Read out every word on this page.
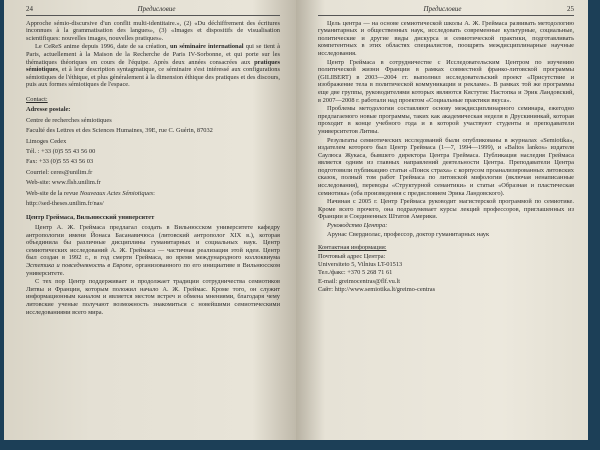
24	Предисловие

Approche sémio-discursive d'un conflit multi-identitaire.», (2) «Du déchiffrement des écritures inconnues à la grammatisation des langues», (3) «Images et dispositifs de visualisation scientifiques: nouvelles images, nouvelles pratiques».

Le CeReS anime depuis 1996, date de sa création, un séminaire international qui se tient à Paris, actuellement à la Maison de la Recherche de Paris IV-Sorbonne, et qui porte sur les thématiques théoriques en cours de l'équipe. Après deux années consacrées aux pratiques sémiotiques, et à leur description syntagmatique, ce séminaire s'est intéressé aux configurations sémiotiques de l'éthique, et plus généralement à la dimension éthique des pratiques et des discours, puis aux formes sémiotiques de l'espace.

Contact:

Adresse postale:

Centre de recherches sémiotiques

Faculté des Lettres et des Sciences Humaines, 39E, rue C. Guérin, 87032

Limoges Cedex

Tél. : +33 (0)5 55 43 56 00

Fax: +33 (0)5 55 43 56 03

Courriel: ceres@unilim.fr

Web-site: www.flsh.unilim.fr

Web-site de la revue Nouveaux Actes Sémiotiques:

http://sed-theses.unilim.fr/nas/

Центр Греймаса, Вильнюсский университет

Центр А. Ж. Греймаса предлагал создать в Вильнюсском университете кафедру антропологии имени Йонаса Басанавичюса (литовский антрополог XIX в.), которая объединила бы различные дисциплины гуманитарных и социальных наук. Центр семиотических исследований А. Ж. Греймаса — частичная реализация этой идеи. Центр был создан в 1992 г., в год смерти Греймаса, во время международного коллоквиума Эстетика и повседневность в Европе, организованного по его инициативе в Вильнюсском университете.

С тех пор Центр поддерживает и продолжает традиции сотрудничества семиотиков Литвы и Франции, которым положил начало А. Ж. Греймас. Кроме того, он служит информационным каналом и является местом встреч и обмена мнениями, благодаря чему литовские ученые получают возможность знакомиться с новейшими семиотическими исследованиями всего мира.

Предисловие	25

Цель центра — на основе семиотической школы А. Ж. Греймаса развивать методологию гуманитарных и общественных наук, исследовать современные культурные, социальные, политические и другие виды дискурса и семиотической практики, подготавливать компетентных в этих областях специалистов, поощрять междисциплинарные научные исследования.

Центр Греймаса в сотрудничестве с Исследовательским Центром по изучению политической жизни Франции в рамках совместной франко-литовской программы (GILIBERT) в 2003—2004 гг. выполнил исследовательский проект «Присутствие и изображение тела в политической коммуникации и рекламе». В рамках той же программы еще две группы, руководителями которых являются Кястутис Настопка и Эрик Ландовский, в 2007—2008 г. работали над проектом «Социальные практики вкуса».

Проблемы методологии составляют основу междисциплинарного семинара, ежегодно предлагаемого новые программы, таких как академическая неделя в Друскининкай, которая проходит в конце учебного года и в которой участвуют студенты и преподаватели университетов Литвы.

Результаты семиотических исследований были опубликованы в журналах «Semiotika», издателем которого был Центр Греймаса (1—7, 1994—1999), и «Baltos lankos» издателя Саулюса Жукаса, бывшего директора Центра Греймаса. Публикация наследия Греймаса является одним из главных направлений деятельности Центра. Преподаватели Центра подготовили публикацию статьи «Поиск страха» с корпусом проанализированных литовских сказок, полный том работ Греймаса по литовской мифологии (включая ненаписанные исследования), переводы «Структурной семантики» и статьи «Образная и пластическая семиотика» (оба произведения с предисловием Эрика Ландовского).

Начиная с 2005 г. Центр Греймаса руководит магистерской программой по семиотике. Кроме всего прочего, она подразумевает курсы лекций профессоров, приглашенных из Франции и Соединенных Штатов Америки.

Руководство Центра:

Арунас Свердиолас, профессор, доктор гуманитарных наук

Контактная информация:

Почтовый адрес Центра:

Universiteto 5, Vilnius LT-01513

Тел./факс: +370 5 268 71 61

E-mail: greimocentras@flf.vu.lt

Сайт: http://www.semiotika.lt/greimo-centras
